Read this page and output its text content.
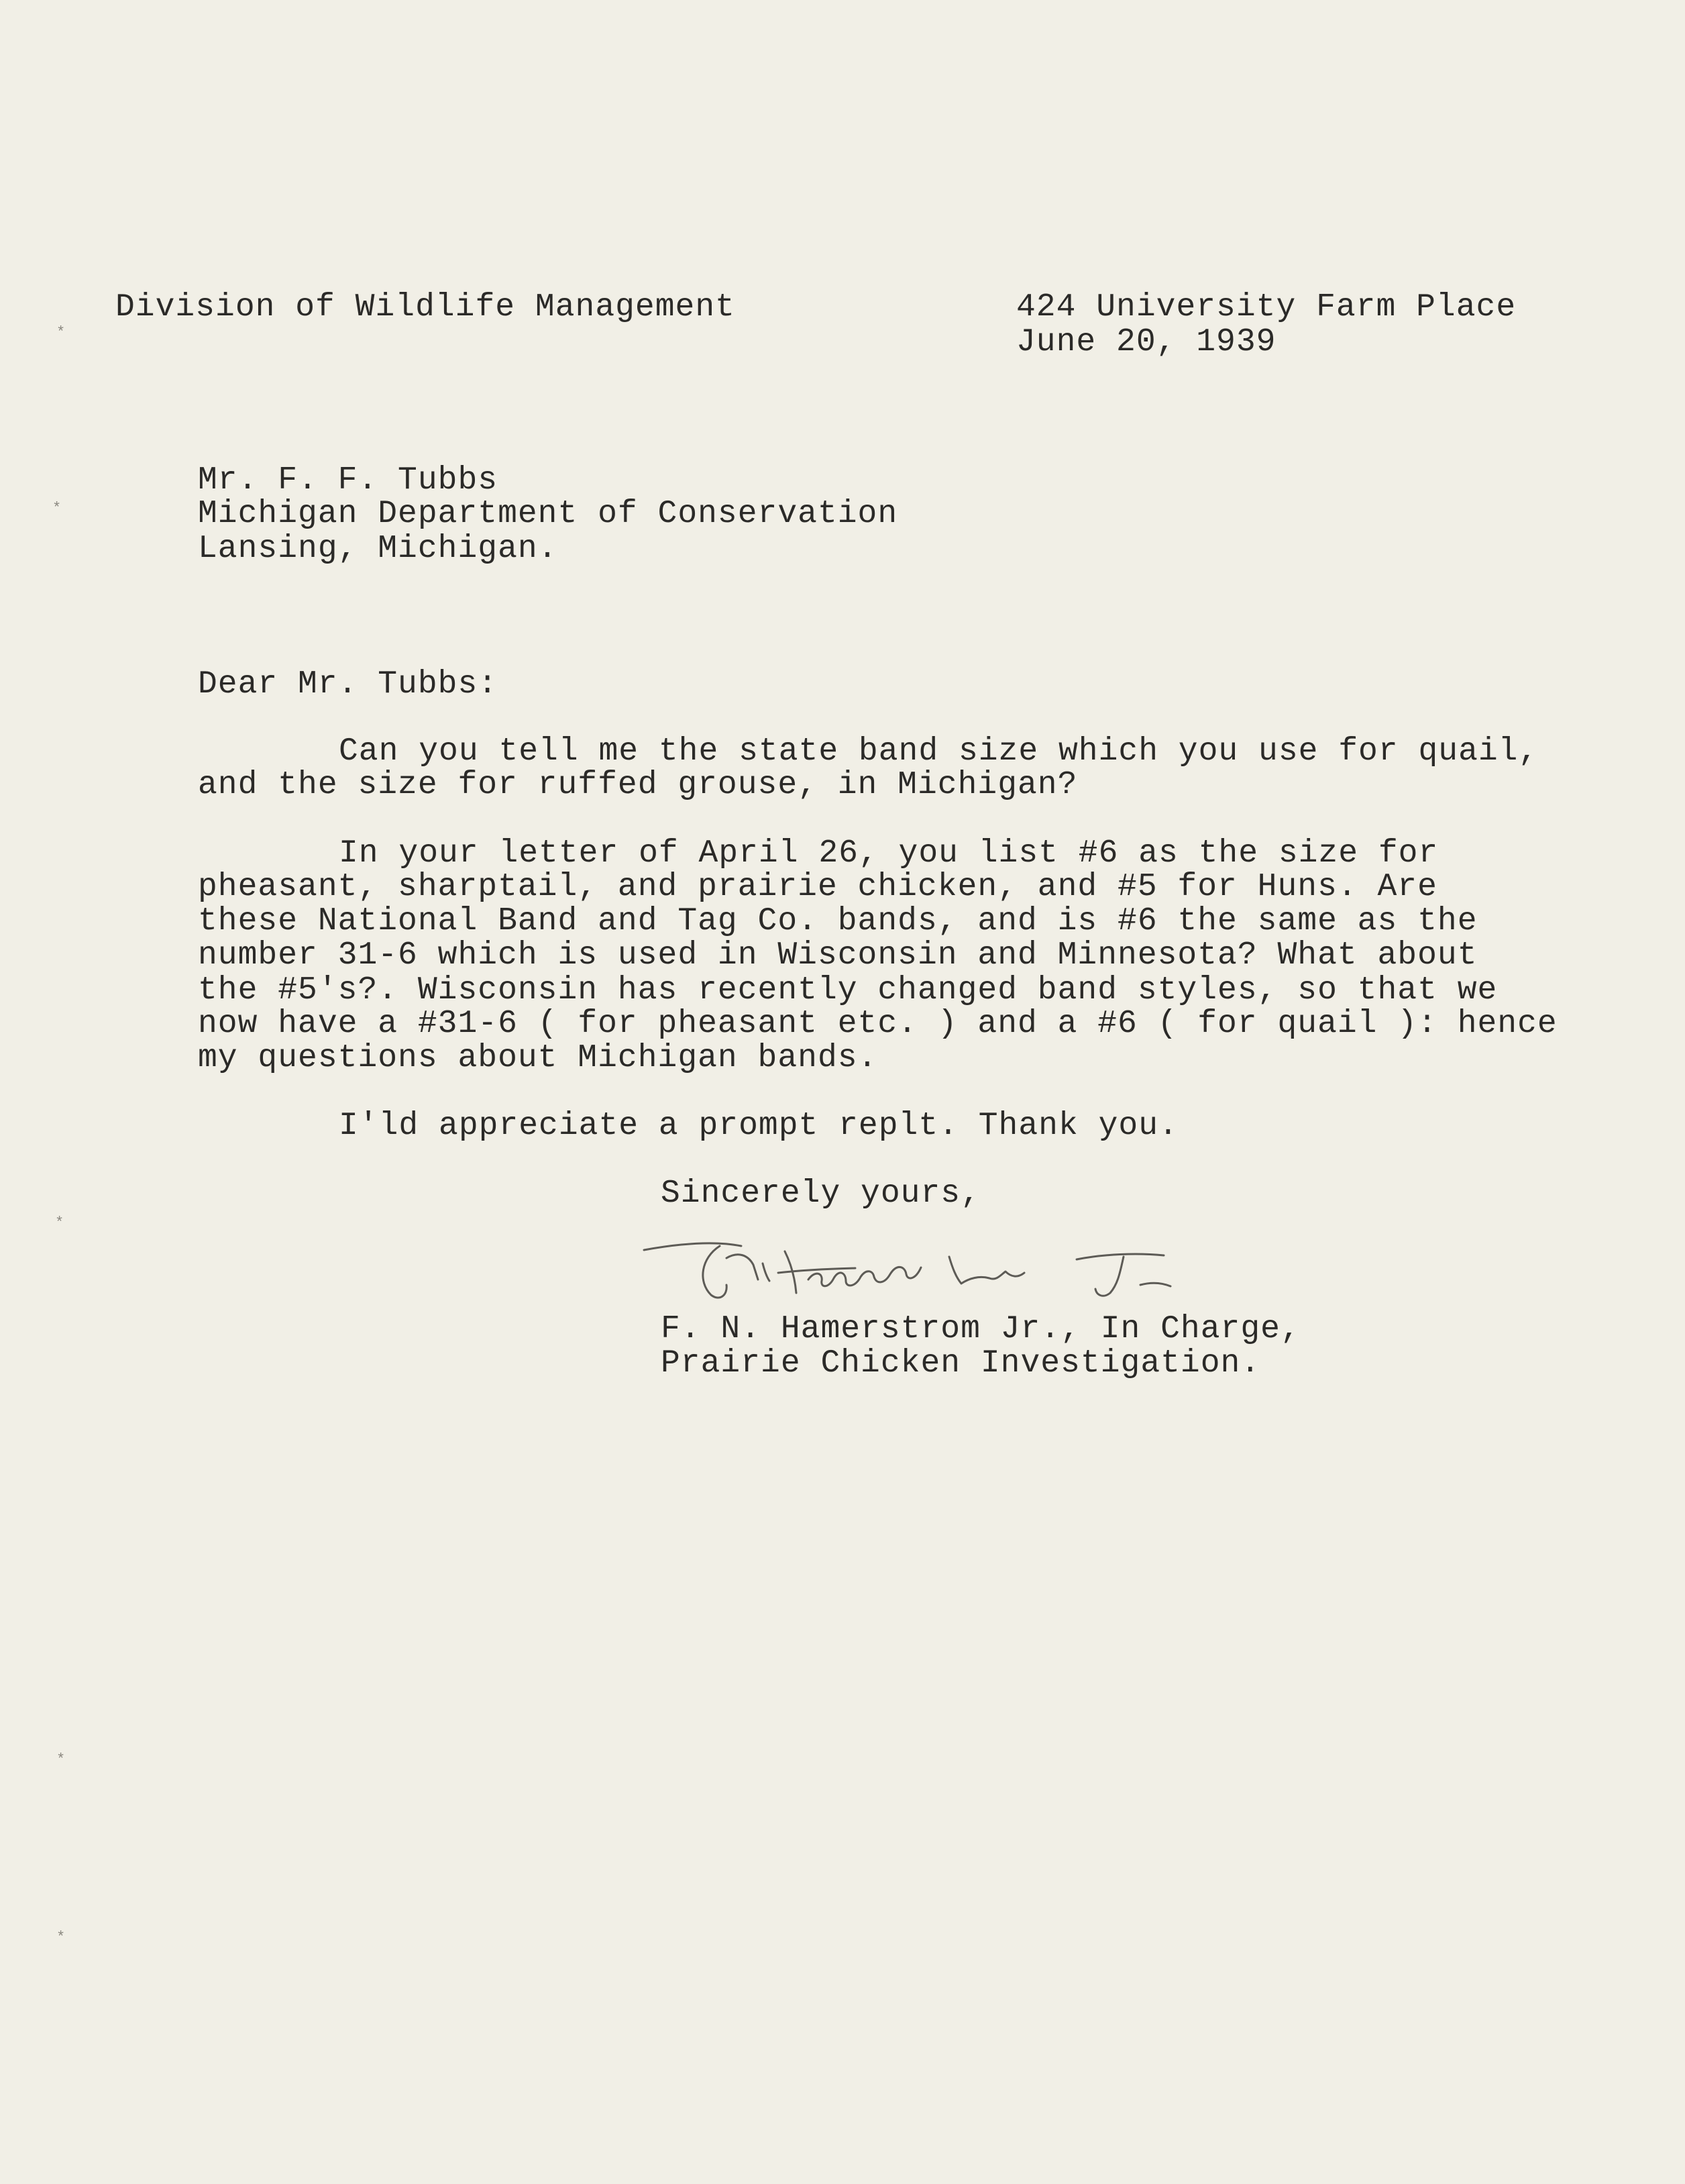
Division of Wildlife Management	424 University Farm Place
June 20, 1939
Mr. F. F. Tubbs
Michigan Department of Conservation
Lansing, Michigan.
Dear Mr. Tubbs:
Can you tell me the state band size which you use for quail,
and the size for ruffed grouse, in Michigan?
In your letter of April 26, you list #6 as the size for
pheasant, sharptail, and prairie chicken, and #5 for Huns. Are
these National Band and Tag Co. bands, and is #6 the same as the
number 31-6 which is used in Wisconsin and Minnesota? What about
the #5's?. Wisconsin has recently changed band styles, so that we
now have a #31-6 ( for pheasant etc. ) and a #6 ( for quail ): hence
my questions about Michigan bands.
I'ld appreciate a prompt replt. Thank you.
Sincerely yours,
F. N. Hamerstrom Jr., In Charge,
Prairie Chicken Investigation.
*
*
*
*
*
